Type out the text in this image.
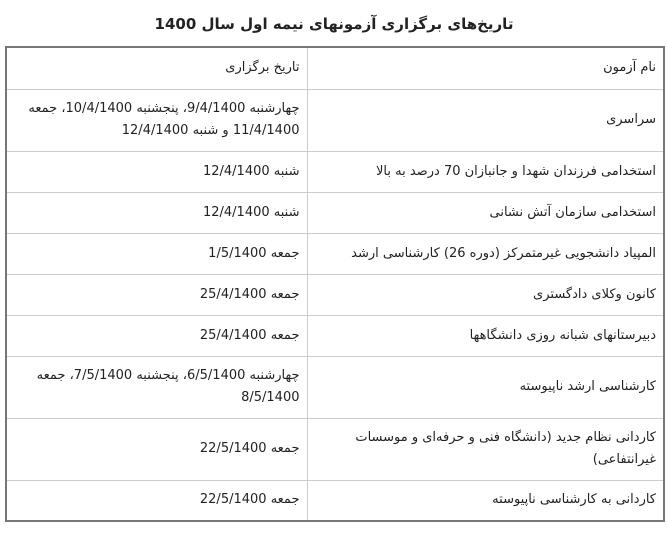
تاریخ‌های برگزاری آزمونهای نیمه اول سال 1400
نام آزمون	تاریخ برگزاری
سراسری	چهارشنبه 9/4/1400، پنجشنبه 10/4/1400، جمعه 11/4/1400 و شنبه 12/4/1400
استخدامی فرزندان شهدا و جانبازان 70 درصد به بالا	شنبه 12/4/1400
استخدامی سازمان آتش نشانی	شنبه 12/4/1400
المپیاد دانشجویی غیرمتمرکز (دوره 26) کارشناسی ارشد	جمعه 1/5/1400
کانون وکلای دادگستری	جمعه 25/4/1400
دبیرستانهای شبانه روزی دانشگاهها	جمعه 25/4/1400
کارشناسی ارشد ناپیوسته	چهارشنبه 6/5/1400، پنجشنبه 7/5/1400، جمعه 8/5/1400
کاردانی نظام جدید (دانشگاه فنی و حرفه‌ای و موسسات غیرانتفاعی)	جمعه 22/5/1400
کاردانی به کارشناسی ناپیوسته	جمعه 22/5/1400
